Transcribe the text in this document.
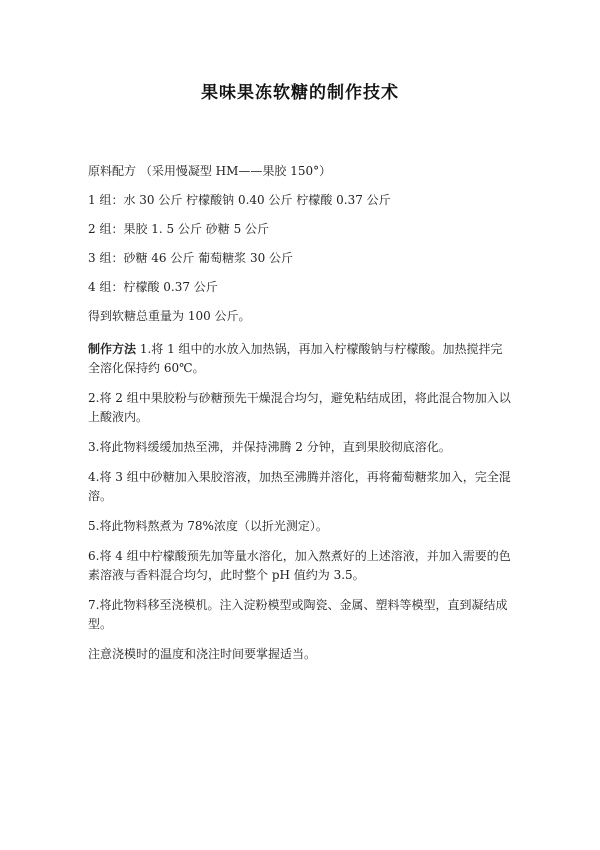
果味果冻软糖的制作技术

原料配方 （采用慢凝型 HM——果胶 150°）

1 组：水 30 公斤 柠檬酸钠 0.40 公斤 柠檬酸 0.37 公斤

2 组：果胶 1. 5 公斤 砂糖 5 公斤

3 组：砂糖 46 公斤 葡萄糖浆 30 公斤

4 组：柠檬酸 0.37 公斤

得到软糖总重量为 100 公斤。

制作方法 1.将 1 组中的水放入加热锅，再加入柠檬酸钠与柠檬酸。加热搅拌完全溶化保持约 60℃。

2.将 2 组中果胶粉与砂糖预先干燥混合均匀，避免粘结成团，将此混合物加入以上酸液内。

3.将此物料缓缓加热至沸，并保持沸腾 2 分钟，直到果胶彻底溶化。

4.将 3 组中砂糖加入果胶溶液，加热至沸腾并溶化，再将葡萄糖浆加入，完全混溶。

5.将此物料熬煮为 78%浓度（以折光测定）。

6.将 4 组中柠檬酸预先加等量水溶化，加入熬煮好的上述溶液，并加入需要的色素溶液与香料混合均匀，此时整个 pH 值约为 3.5。

7.将此物料移至浇模机。注入淀粉模型或陶瓷、金属、塑料等模型，直到凝结成型。

注意浇模时的温度和浇注时间要掌握适当。
